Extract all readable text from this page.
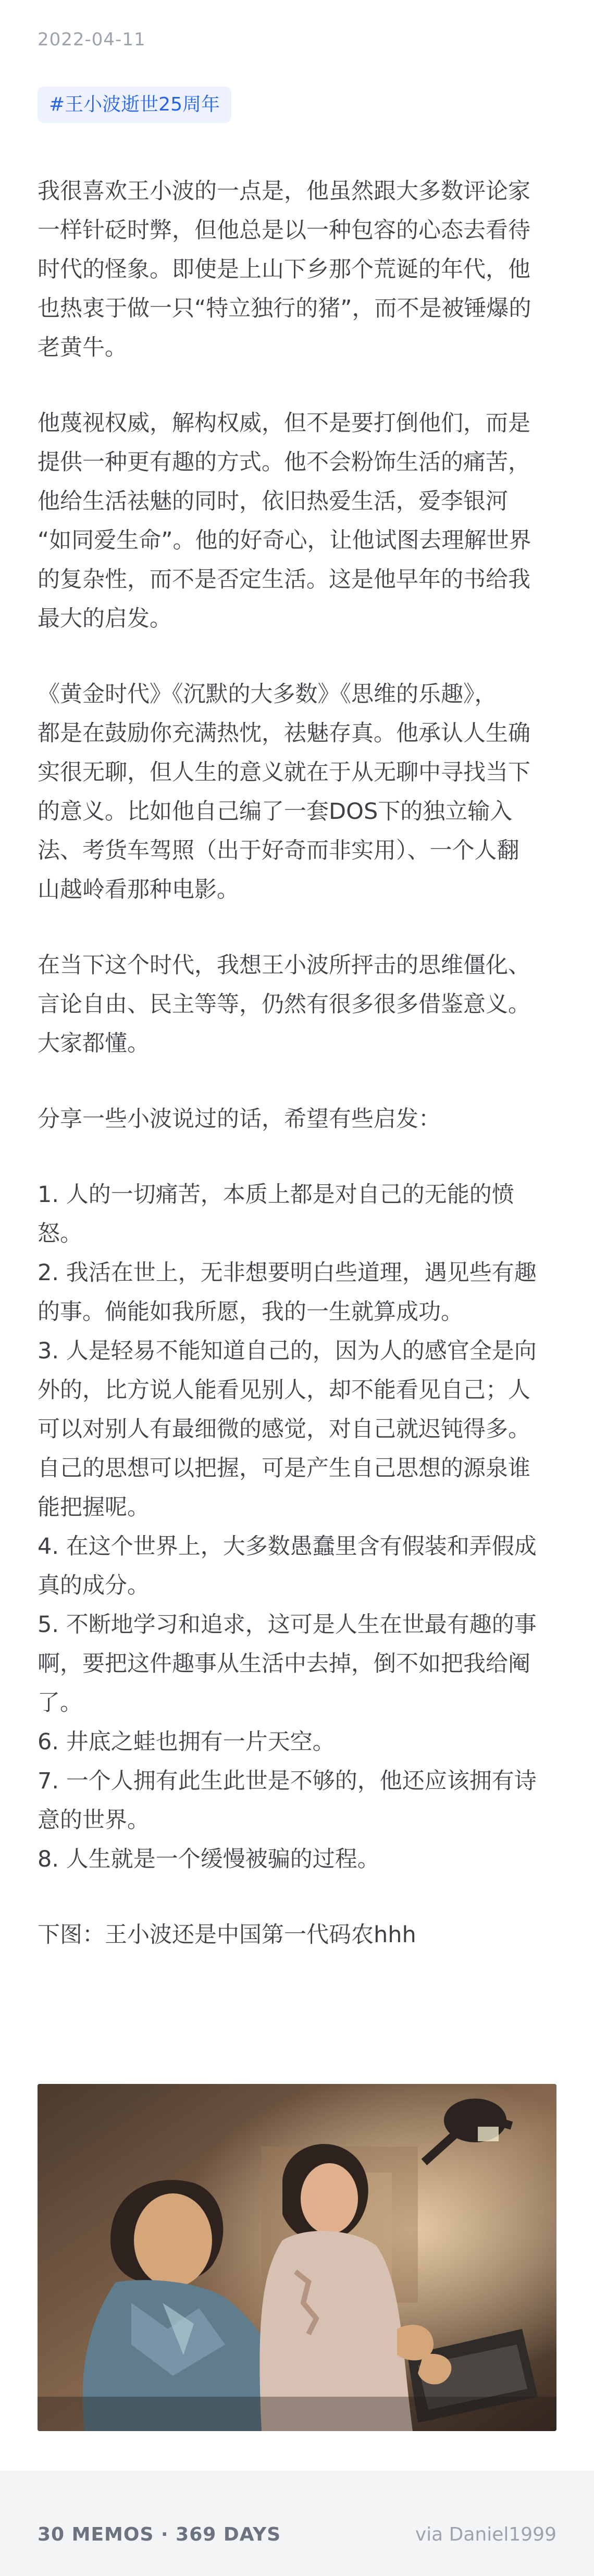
2022-04-11
#王小波逝世25周年

我很喜欢王小波的一点是，他虽然跟大多数评论家
一样针砭时弊，但他总是以一种包容的心态去看待
时代的怪象。即使是上山下乡那个荒诞的年代，他
也热衷于做一只“特立独行的猪”，而不是被锤爆的
老黄牛。

他蔑视权威，解构权威，但不是要打倒他们，而是
提供一种更有趣的方式。他不会粉饰生活的痛苦，
他给生活祛魅的同时，依旧热爱生活，爱李银河
“如同爱生命”。他的好奇心，让他试图去理解世界
的复杂性，而不是否定生活。这是他早年的书给我
最大的启发。

《黄金时代》《沉默的大多数》《思维的乐趣》，
都是在鼓励你充满热忱，祛魅存真。他承认人生确
实很无聊，但人生的意义就在于从无聊中寻找当下
的意义。比如他自己编了一套DOS下的独立输入
法、考货车驾照（出于好奇而非实用）、一个人翻
山越岭看那种电影。

在当下这个时代，我想王小波所抨击的思维僵化、
言论自由、民主等等，仍然有很多很多借鉴意义。
大家都懂。

分享一些小波说过的话，希望有些启发：

1. 人的一切痛苦，本质上都是对自己的无能的愤
怒。

2. 我活在世上，无非想要明白些道理，遇见些有趣
的事。倘能如我所愿，我的一生就算成功。

3. 人是轻易不能知道自己的，因为人的感官全是向
外的，比方说人能看见别人，却不能看见自己；人
可以对别人有最细微的感觉，对自己就迟钝得多。
自己的思想可以把握，可是产生自己思想的源泉谁
能把握呢。

4. 在这个世界上，大多数愚蠢里含有假装和弄假成
真的成分。

5. 不断地学习和追求，这可是人生在世最有趣的事
啊，要把这件趣事从生活中去掉，倒不如把我给阉
了。

6. 井底之蛙也拥有一片天空。

7. 一个人拥有此生此世是不够的，他还应该拥有诗
意的世界。

8. 人生就是一个缓慢被骗的过程。

下图：王小波还是中国第一代码农hhh

30 MEMOS · 369 DAYS	via Daniel1999
